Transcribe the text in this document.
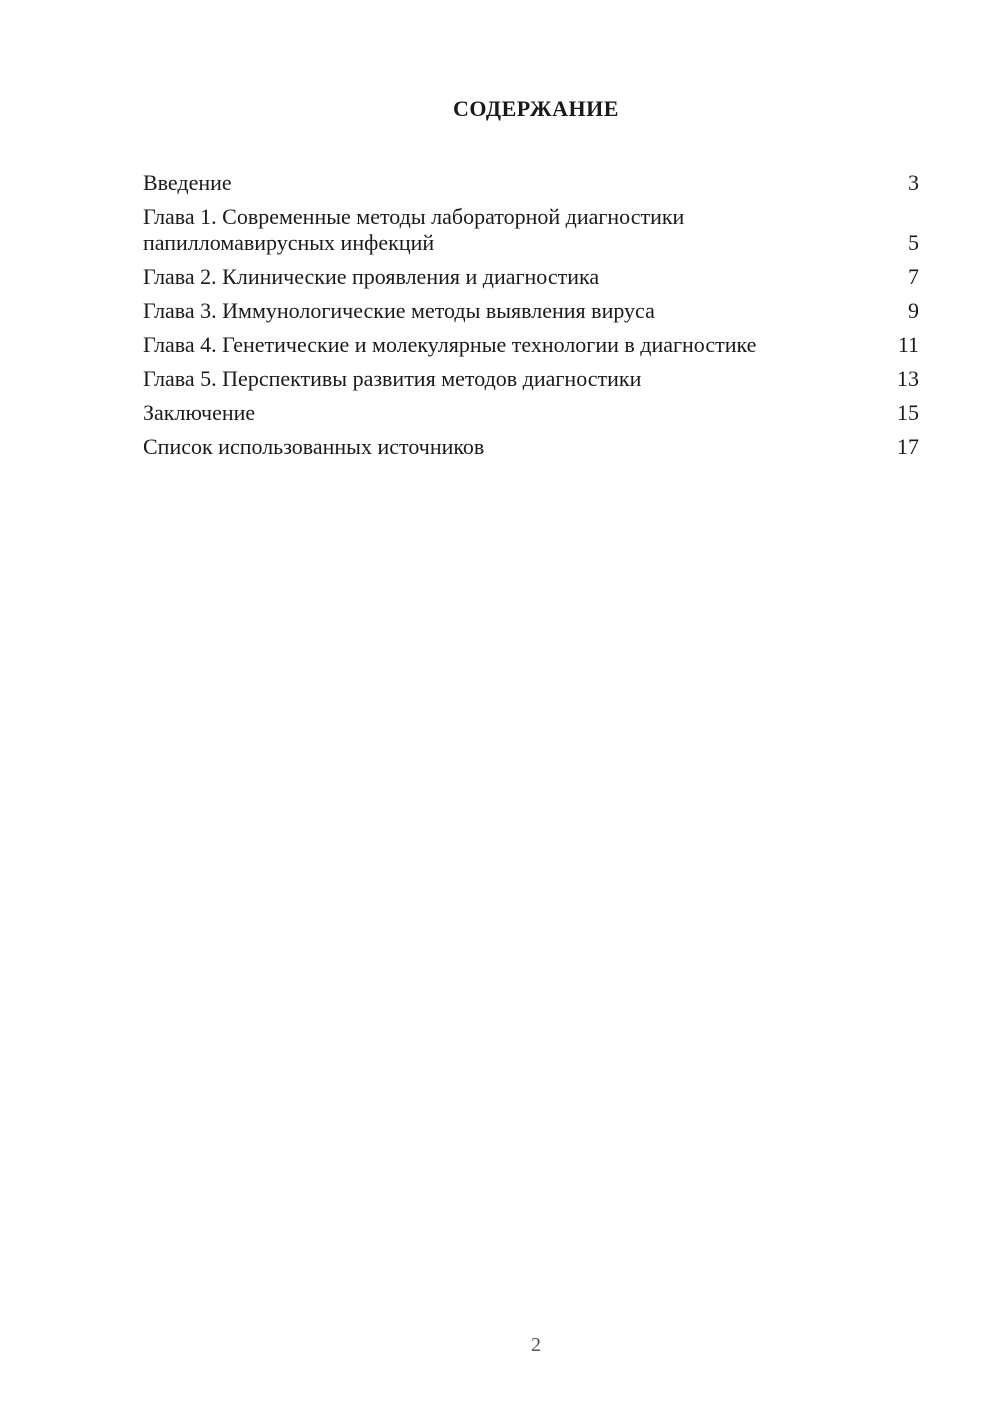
СОДЕРЖАНИЕ
Введение	3
Глава 1. Современные методы лабораторной диагностики папилломавирусных инфекций	5
Глава 2. Клинические проявления и диагностика	7
Глава 3. Иммунологические методы выявления вируса	9
Глава 4. Генетические и молекулярные технологии в диагностике	11
Глава 5. Перспективы развития методов диагностики	13
Заключение	15
Список использованных источников	17
2
